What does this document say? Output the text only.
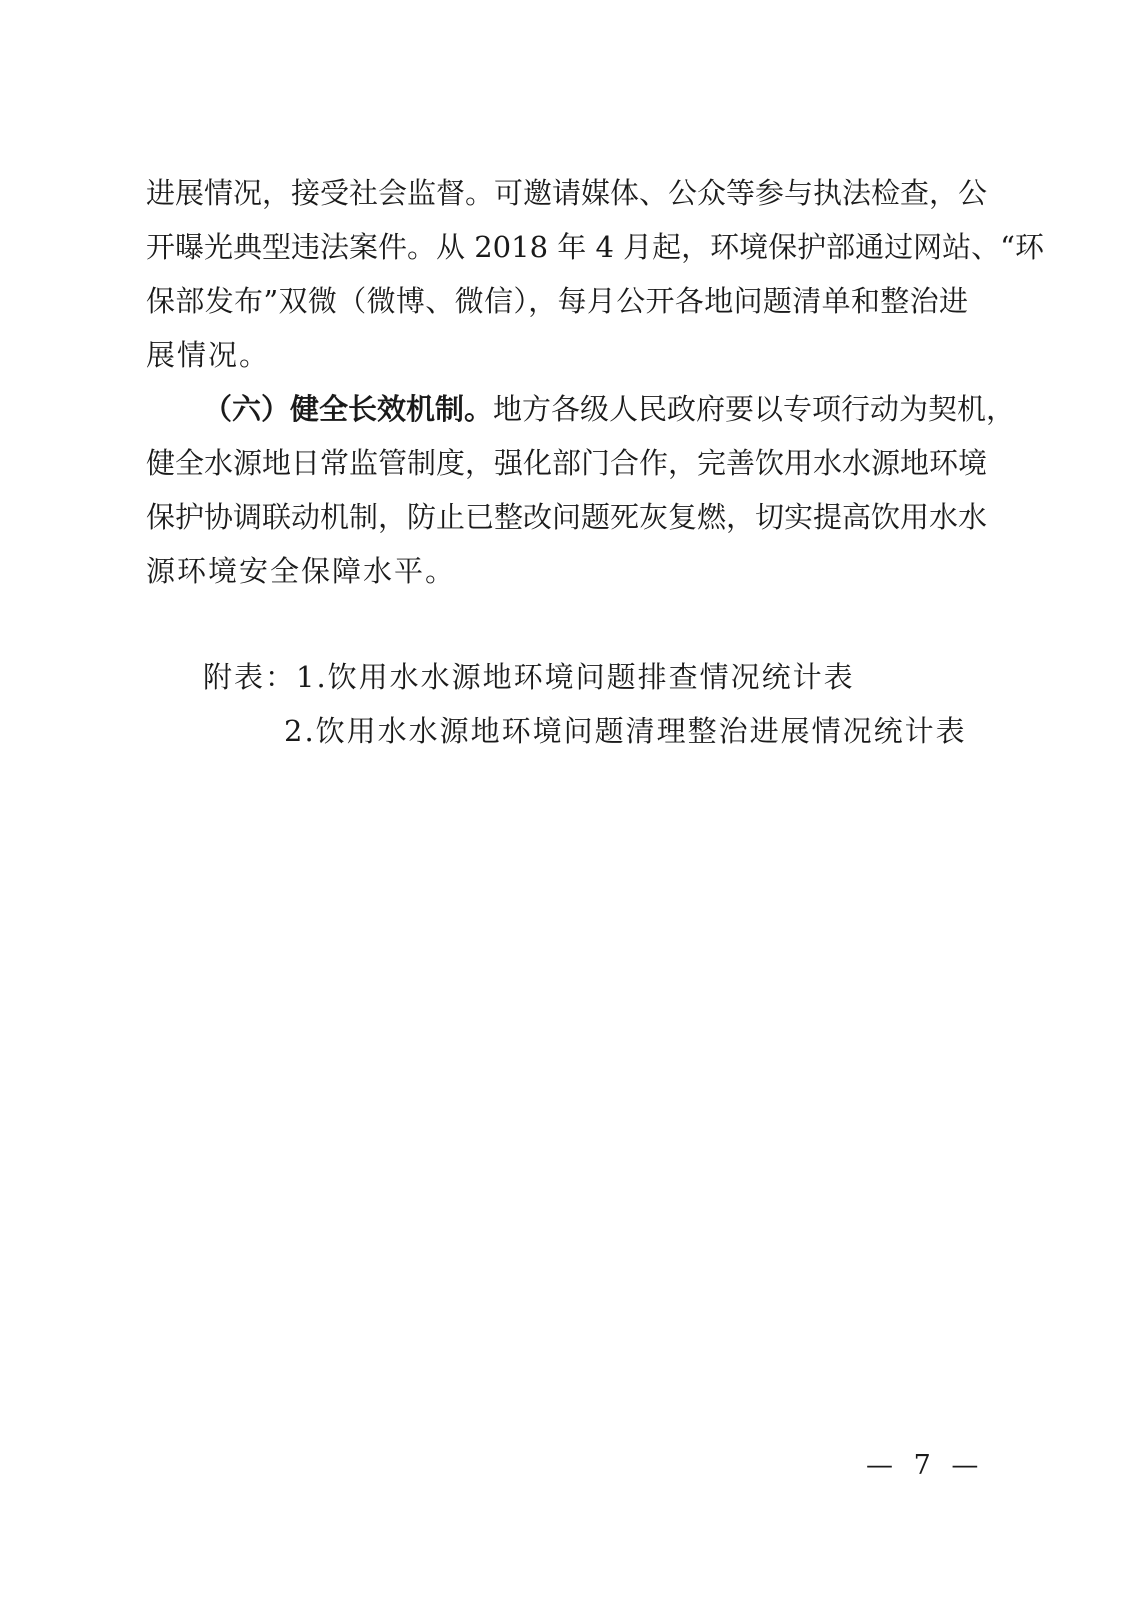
进展情况，接受社会监督。可邀请媒体、公众等参与执法检查，公
开曝光典型违法案件。从 2018 年 4 月起，环境保护部通过网站、“环
保部发布”双微（微博、微信），每月公开各地问题清单和整治进
展情况。
（六）健全长效机制。 地方各级人民政府要以专项行动为契机，
健全水源地日常监管制度，强化部门合作，完善饮用水水源地环境
保护协调联动机制，防止已整改问题死灰复燃，切实提高饮用水水
源环境安全保障水平。
附表：1.饮用水水源地环境问题排查情况统计表
2.饮用水水源地环境问题清理整治进展情况统计表
— 7 —
